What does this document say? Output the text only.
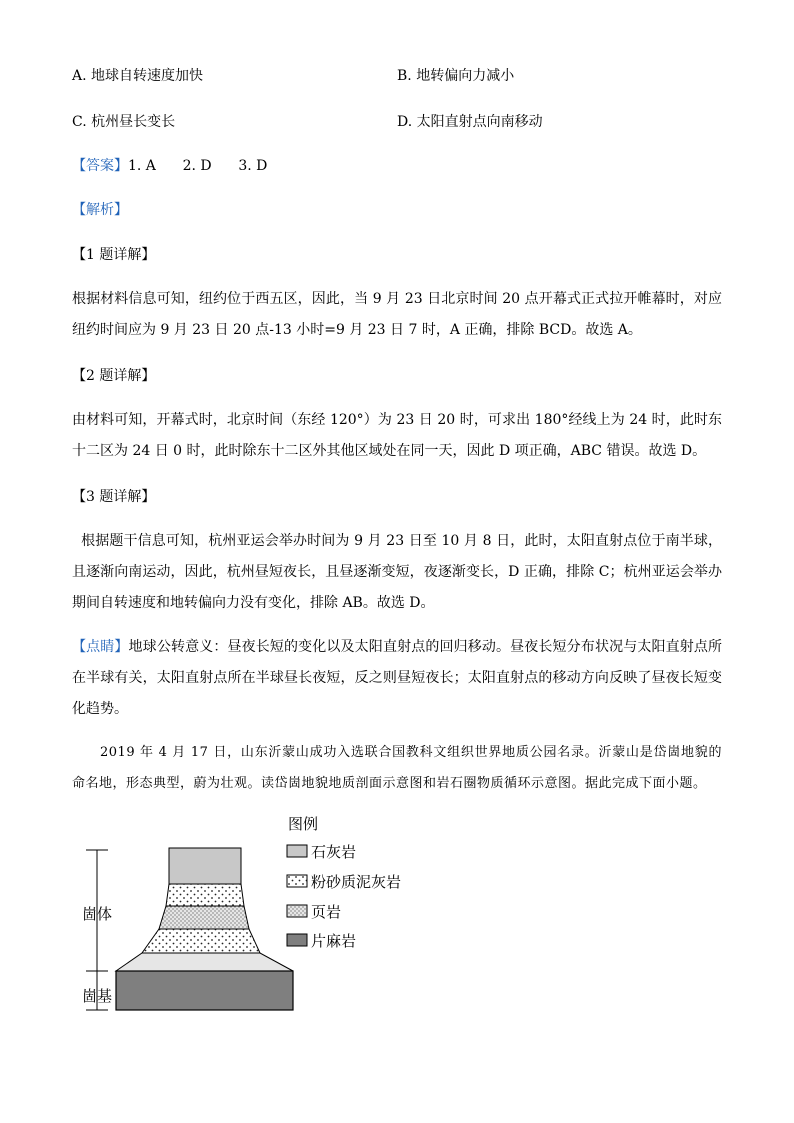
A. 地球自转速度加快	B. 地转偏向力减小
C. 杭州昼长变长	D. 太阳直射点向南移动
【答案】1. A      2. D      3. D
【解析】
【1 题详解】
根据材料信息可知，纽约位于西五区，因此，当 9 月 23 日北京时间 20 点开幕式正式拉开帷幕时，对应纽约时间应为 9 月 23 日 20 点-13 小时=9 月 23 日 7 时，A 正确，排除 BCD。故选 A。
【2 题详解】
由材料可知，开幕式时，北京时间（东经 120°）为 23 日 20 时，可求出 180°经线上为 24 时，此时东十二区为 24 日 0 时，此时除东十二区外其他区域处在同一天，因此 D 项正确，ABC 错误。故选 D。
【3 题详解】
根据题干信息可知，杭州亚运会举办时间为 9 月 23 日至 10 月 8 日，此时，太阳直射点位于南半球，且逐渐向南运动，因此，杭州昼短夜长，且昼逐渐变短，夜逐渐变长，D 正确，排除 C；杭州亚运会举办期间自转速度和地转偏向力没有变化，排除 AB。故选 D。
【点睛】地球公转意义：昼夜长短的变化以及太阳直射点的回归移动。昼夜长短分布状况与太阳直射点所在半球有关，太阳直射点所在半球昼长夜短，反之则昼短夜长；太阳直射点的移动方向反映了昼夜长短变化趋势。
2019 年 4 月 17 日，山东沂蒙山成功入选联合国教科文组织世界地质公园名录。沂蒙山是岱崮地貌的命名地，形态典型，蔚为壮观。读岱崮地貌地质剖面示意图和岩石圈物质循环示意图。据此完成下面小题。
崮体
崮基
图例
石灰岩
粉砂质泥灰岩
页岩
片麻岩
